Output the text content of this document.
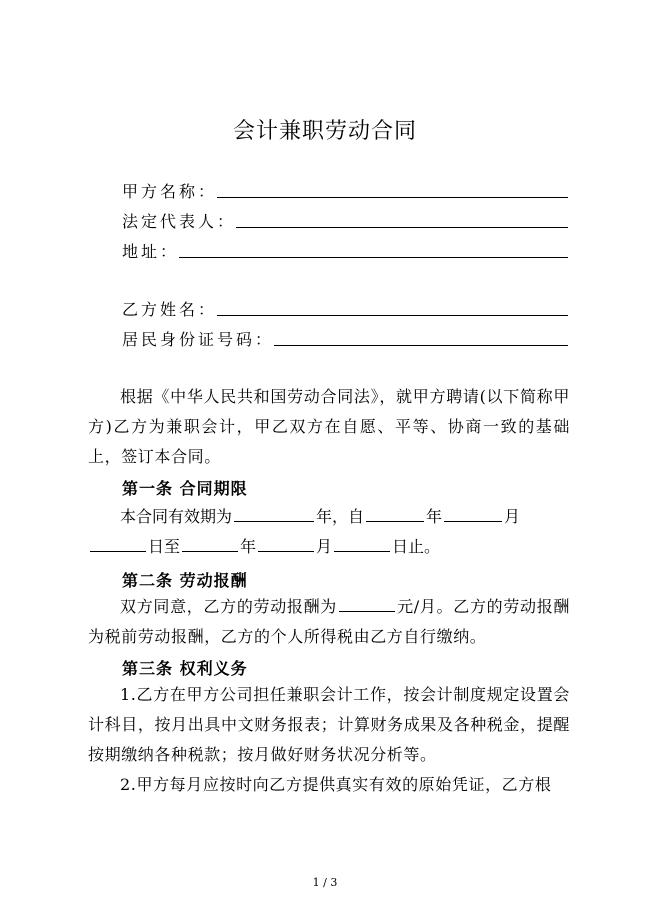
会计兼职劳动合同
甲方名称：
法定代表人：
地址：
乙方姓名：
居民身份证号码：
根据《中华人民共和国劳动合同法》，就甲方聘请(以下简称甲方)乙方为兼职会计，甲乙双方在自愿、平等、协商一致的基础上，签订本合同。
第一条 合同期限
本合同有效期为	年，自	年	月
日至	年	月	日止。
第二条 劳动报酬
双方同意，乙方的劳动报酬为	元/月。乙方的劳动报酬为税前劳动报酬，乙方的个人所得税由乙方自行缴纳。
第三条 权利义务
1.乙方在甲方公司担任兼职会计工作，按会计制度规定设置会计科目，按月出具中文财务报表；计算财务成果及各种税金，提醒按期缴纳各种税款；按月做好财务状况分析等。
2.甲方每月应按时向乙方提供真实有效的原始凭证，乙方根
1 / 3
